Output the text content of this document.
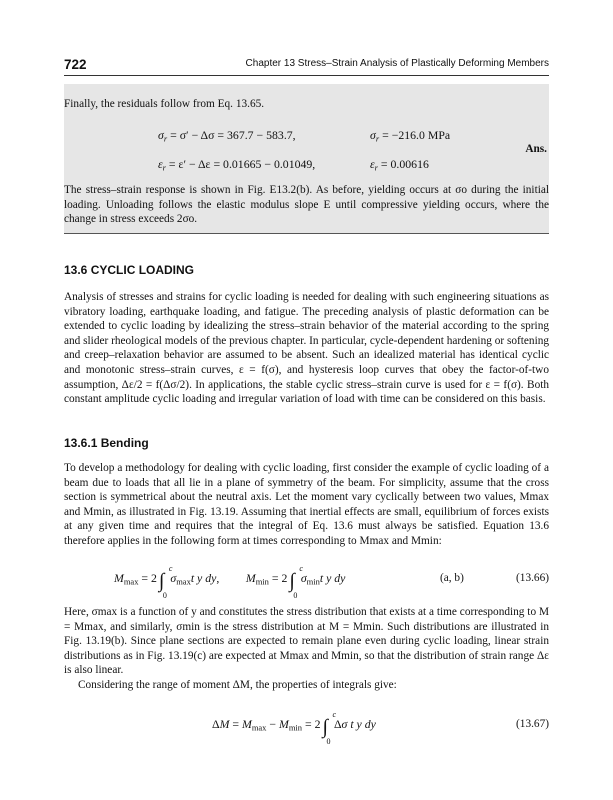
722	Chapter 13 Stress–Strain Analysis of Plastically Deforming Members

Finally, the residuals follow from Eq. 13.65.

$\sigma_r = \sigma' - \Delta\sigma = 367.7 - 583.7$,	$\sigma_r = -216.0$ MPa
Ans.
$\varepsilon_r = \varepsilon' - \Delta\varepsilon = 0.01665 - 0.01049$,	$\varepsilon_r = 0.00616$

The stress–strain response is shown in Fig. E13.2(b). As before, yielding occurs at σo during the initial loading. Unloading follows the elastic modulus slope E until compressive yielding occurs, where the change in stress exceeds 2σo.

13.6 CYCLIC LOADING

Analysis of stresses and strains for cyclic loading is needed for dealing with such engineering situations as vibratory loading, earthquake loading, and fatigue. The preceding analysis of plastic deformation can be extended to cyclic loading by idealizing the stress–strain behavior of the material according to the spring and slider rheological models of the previous chapter. In particular, cycle-dependent hardening or softening and creep–relaxation behavior are assumed to be absent. Such an idealized material has identical cyclic and monotonic stress–strain curves, ε = f(σ), and hysteresis loop curves that obey the factor-of-two assumption, Δε/2 = f(Δσ/2). In applications, the stable cyclic stress–strain curve is used for ε = f(σ). Both constant amplitude cyclic loading and irregular variation of load with time can be considered on this basis.

13.6.1 Bending

To develop a methodology for dealing with cyclic loading, first consider the example of cyclic loading of a beam due to loads that all lie in a plane of symmetry of the beam. For simplicity, assume that the cross section is symmetrical about the neutral axis. Let the moment vary cyclically between two values, Mmax and Mmin, as illustrated in Fig. 13.19. Assuming that inertial effects are small, equilibrium of forces exists at any given time and requires that the integral of Eq. 13.6 must always be satisfied. Equation 13.6 therefore applies in the following form at times corresponding to Mmax and Mmin:

$M_{max} = 2$ ∫
c
0
$\sigma_{max}t$ y dy,         $M_{min} = 2$ ∫
c
0
$\sigma_{min}t$ y dy	(a, b)	(13.66)

Here, σmax is a function of y and constitutes the stress distribution that exists at a time corresponding to M = Mmax, and similarly, σmin is the stress distribution at M = Mmin. Such distributions are illustrated in Fig. 13.19(b). Since plane sections are expected to remain plane even during cyclic loading, linear strain distributions as in Fig. 13.19(c) are expected at Mmax and Mmin, so that the distribution of strain range Δε is also linear.

Considering the range of moment ΔM, the properties of integrals give:

$\Delta M = M_{max} - M_{min} = 2$ ∫
c
0
Δσ t y dy	(13.67)
